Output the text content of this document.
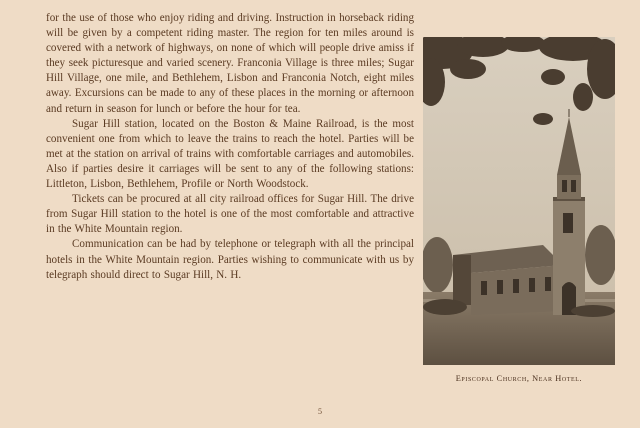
for the use of those who enjoy riding and driving. Instruction in horseback riding will be given by a competent riding master. The region for ten miles around is covered with a network of highways, on none of which will people drive amiss if they seek picturesque and varied scenery. Franconia Village is three miles; Sugar Hill Village, one mile, and Bethlehem, Lisbon and Franconia Notch, eight miles away. Excursions can be made to any of these places in the morning or afternoon and return in season for lunch or before the hour for tea.

Sugar Hill station, located on the Boston & Maine Railroad, is the most convenient one from which to leave the trains to reach the hotel. Parties will be met at the station on arrival of trains with comfortable carriages and automobiles. Also if parties desire it carriages will be sent to any of the following stations: Littleton, Lisbon, Bethlehem, Profile or North Woodstock.

Tickets can be procured at all city railroad offices for Sugar Hill. The drive from Sugar Hill station to the hotel is one of the most comfortable and attractive in the White Mountain region.

Communication can be had by telephone or telegraph with all the principal hotels in the White Mountain region. Parties wishing to communicate with us by telegraph should direct to Sugar Hill, N. H.

Episcopal Church, Near Hotel.
5
